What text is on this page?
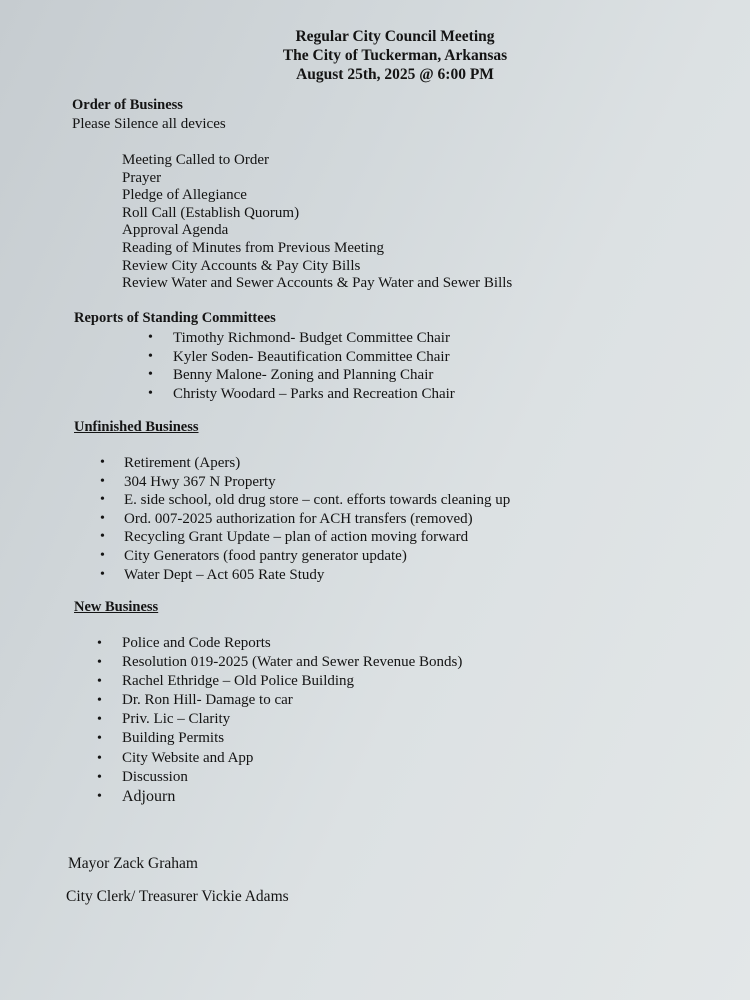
Regular City Council Meeting
The City of Tuckerman, Arkansas
August 25th, 2025 @ 6:00 PM
Order of Business
Please Silence all devices
Meeting Called to Order
Prayer
Pledge of Allegiance
Roll Call (Establish Quorum)
Approval Agenda
Reading of Minutes from Previous Meeting
Review City Accounts & Pay City Bills
Review Water and Sewer Accounts & Pay Water and Sewer Bills
Reports of Standing Committees
• Timothy Richmond- Budget Committee Chair
• Kyler Soden- Beautification Committee Chair
• Benny Malone- Zoning and Planning Chair
• Christy Woodard – Parks and Recreation Chair
Unfinished Business
• Retirement (Apers)
• 304 Hwy 367 N Property
• E. side school, old drug store – cont. efforts towards cleaning up
• Ord. 007-2025 authorization for ACH transfers (removed)
• Recycling Grant Update – plan of action moving forward
• City Generators (food pantry generator update)
• Water Dept – Act 605 Rate Study
New Business
• Police and Code Reports
• Resolution 019-2025 (Water and Sewer Revenue Bonds)
• Rachel Ethridge – Old Police Building
• Dr. Ron Hill- Damage to car
• Priv. Lic – Clarity
• Building Permits
• City Website and App
• Discussion
• Adjourn
Mayor Zack Graham
City Clerk/ Treasurer Vickie Adams
